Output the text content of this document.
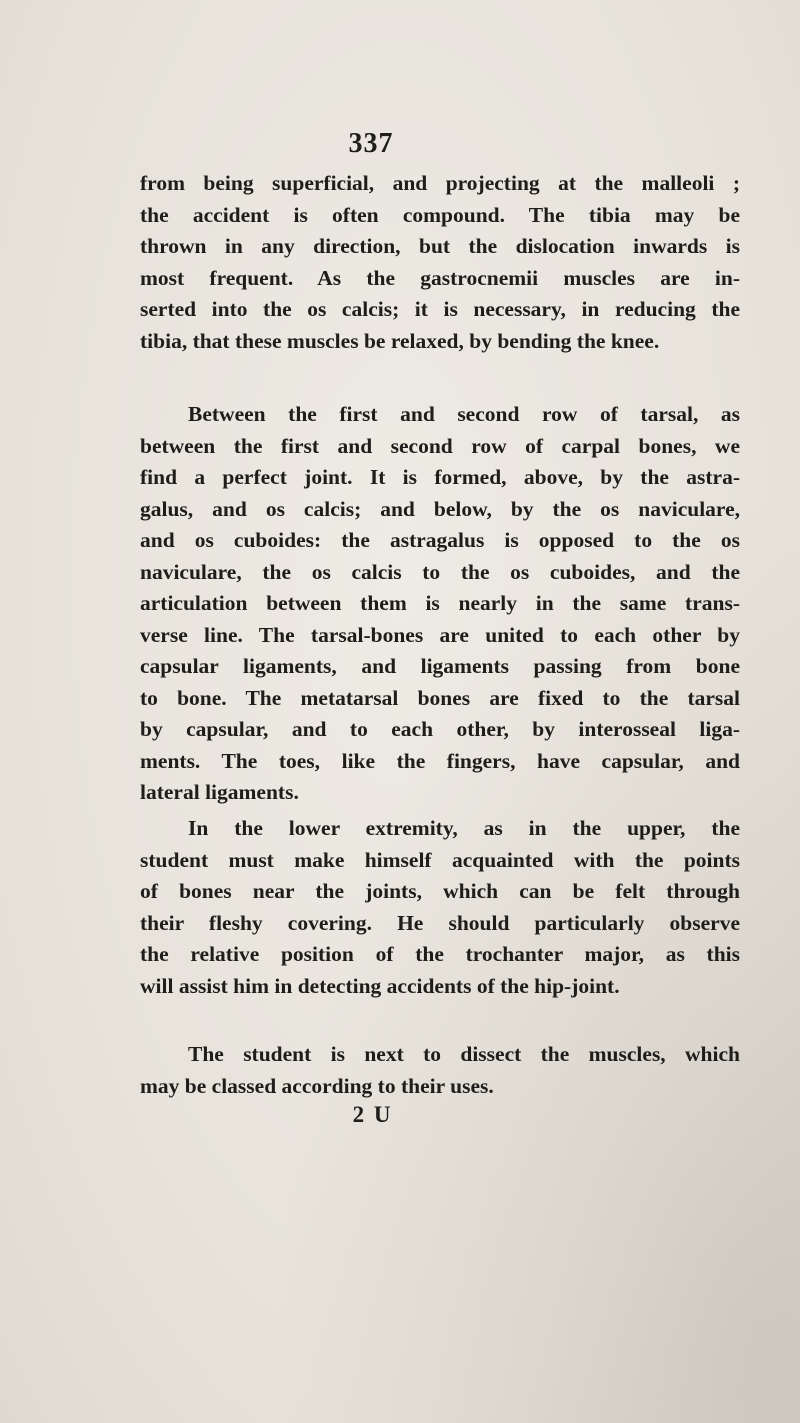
337
from being superficial, and projecting at the malleoli ;
the accident is often compound. The tibia may be
thrown in any direction, but the dislocation inwards is
most frequent. As the gastrocnemii muscles are in-
serted into the os calcis; it is necessary, in reducing the
tibia, that these muscles be relaxed, by bending the knee.
Between the first and second row of tarsal, as
between the first and second row of carpal bones, we
find a perfect joint. It is formed, above, by the astra-
galus, and os calcis; and below, by the os naviculare,
and os cuboides: the astragalus is opposed to the os
naviculare, the os calcis to the os cuboides, and the
articulation between them is nearly in the same trans-
verse line. The tarsal-bones are united to each other by
capsular ligaments, and ligaments passing from bone
to bone. The metatarsal bones are fixed to the tarsal
by capsular, and to each other, by interosseal liga-
ments. The toes, like the fingers, have capsular, and
lateral ligaments.
In the lower extremity, as in the upper, the
student must make himself acquainted with the points
of bones near the joints, which can be felt through
their fleshy covering. He should particularly observe
the relative position of the trochanter major, as this
will assist him in detecting accidents of the hip-joint.
The student is next to dissect the muscles, which
may be classed according to their uses.
2 U
